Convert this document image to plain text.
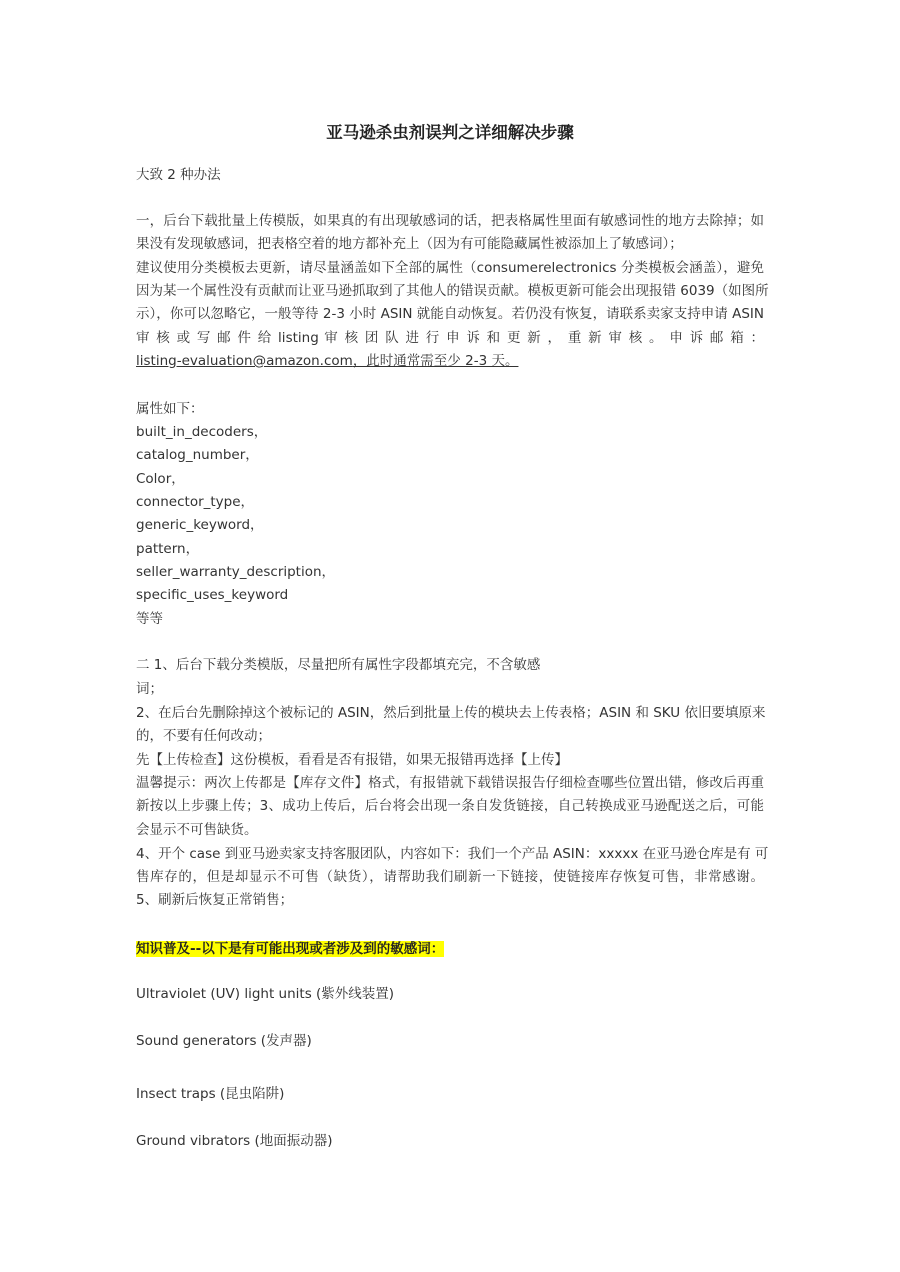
亚马逊杀虫剂误判之详细解决步骤
大致 2 种办法
一，后台下载批量上传模版，如果真的有出现敏感词的话，把表格属性里面有敏感词性的地方去除掉；如
果没有发现敏感词，把表格空着的地方都补充上（因为有可能隐藏属性被添加上了敏感词）；
建议使用分类模板去更新，请尽量涵盖如下全部的属性（consumerelectronics 分类模板会涵盖），避免
因为某一个属性没有贡献而让亚马逊抓取到了其他人的错误贡献。模板更新可能会出现报错 6039（如图所
示），你可以忽略它，一般等待 2-3 小时 ASIN 就能自动恢复。若仍没有恢复，请联系卖家支持申请 ASIN
审 核 或 写 邮 件 给 listing 审 核 团 队 进 行 申 诉 和 更 新 ， 重 新 审 核 。 申 诉 邮 箱 ：
listing-evaluation@amazon.com，此时通常需至少 2-3 天。
属性如下：
built_in_decoders，
catalog_number，
Color，
connector_type，
generic_keyword，
pattern，
seller_warranty_description，
specific_uses_keyword
等等
二 1、后台下载分类模版，尽量把所有属性字段都填充完，不含敏感
词；
2、在后台先删除掉这个被标记的 ASIN，然后到批量上传的模块去上传表格；ASIN 和 SKU 依旧要填原来
的，不要有任何改动；
先【上传检查】这份模板，看看是否有报错，如果无报错再选择【上传】
温馨提示：两次上传都是【库存文件】格式，有报错就下载错误报告仔细检查哪些位置出错，修改后再重
新按以上步骤上传；3、成功上传后，后台将会出现一条自发货链接，自己转换成亚马逊配送之后，可能
会显示不可售缺货。
4、开个 case 到亚马逊卖家支持客服团队，内容如下：我们一个产品 ASIN：xxxxx 在亚马逊仓库是有 可
售库存的，但是却显示不可售（缺货），请帮助我们刷新一下链接，使链接库存恢复可售，非常感谢。
5、刷新后恢复正常销售；
知识普及--以下是有可能出现或者涉及到的敏感词：
Ultraviolet (UV) light units (紫外线装置)
Sound generators (发声器)
Insect traps (昆虫陷阱)
Ground vibrators (地面振动器)
